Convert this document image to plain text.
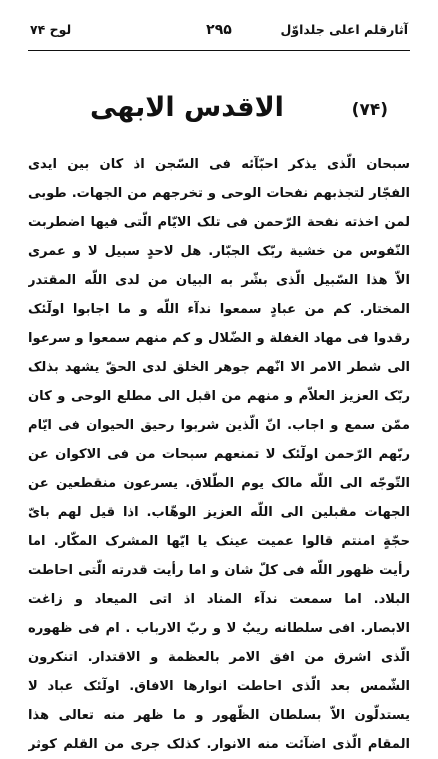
آثارقلم اعلی جلداوّل
۲۹۵
لوح ۷۴
(۷۴)
الاقدس الابهی
سبحان الّذی یذکر احبّآئه فی السّجن اذ کان بین ایدی
الفجّار لتجذبهم نفحات الوحی و تخرجهم من الجهات. طوبی
لمن اخذته نفحة الرّحمن فی تلک الایّام الّتی فیها اضطربت
النّفوس من خشیة ربّک الجبّار. هل لاحدٍ سبیل لا و عمری
الاّ هذا السّبیل الّذی بشّر به البیان من لدی اللّه المقتدر
المختار. کم من عبادٍ سمعوا ندآء اللّه و ما اجابوا اولٓئک
رقدوا فی مهاد الغفلة و الضّلال و کم منهم سمعوا و سرعوا
الی شطر الامر الا انّهم جوهر الخلق لدی الحقّ یشهد بذلک
ربّک العزیز العلاّم و منهم من اقبل الی مطلع الوحی و کان
ممّن سمع و اجاب. انّ الّذین شربوا رحیق الحیوان فی ایّام
ربّهم الرّحمن اولٓئک لا تمنعهم سبحات من فی الاکوان عن
التّوجّه الی اللّه مالک یوم الطّلاق. یسرعون منقطعین عن
الجهات مقبلین الی اللّه العزیز الوهّاب. اذا قیل لهم بایّ
حجّةٍ امنتم قالوا عمیت عینک یا ایّها المشرک المکّار. اما
رأیت ظهور اللّه فی کلّ شان و اما رأیت قدرته الّتی احاطت
البلاد. اما سمعت ندآء المناد اذ اتی المیعاد و زاغت
الابصار. افی سلطانه ریبٌ لا و ربّ الارباب . ام فی ظهوره
الّذی اشرق من افق الامر بالعظمة و الاقتدار. اتنکرون
الشّمس بعد الّذی احاطت انوارها الافاق. اولٓئک عباد لا
یستدلّون الاّ بسلطان الظّهور و ما ظهر منه تعالی هذا
المقام الّذی اضآئت منه الانوار. کذلک جری من القلم کوثر
